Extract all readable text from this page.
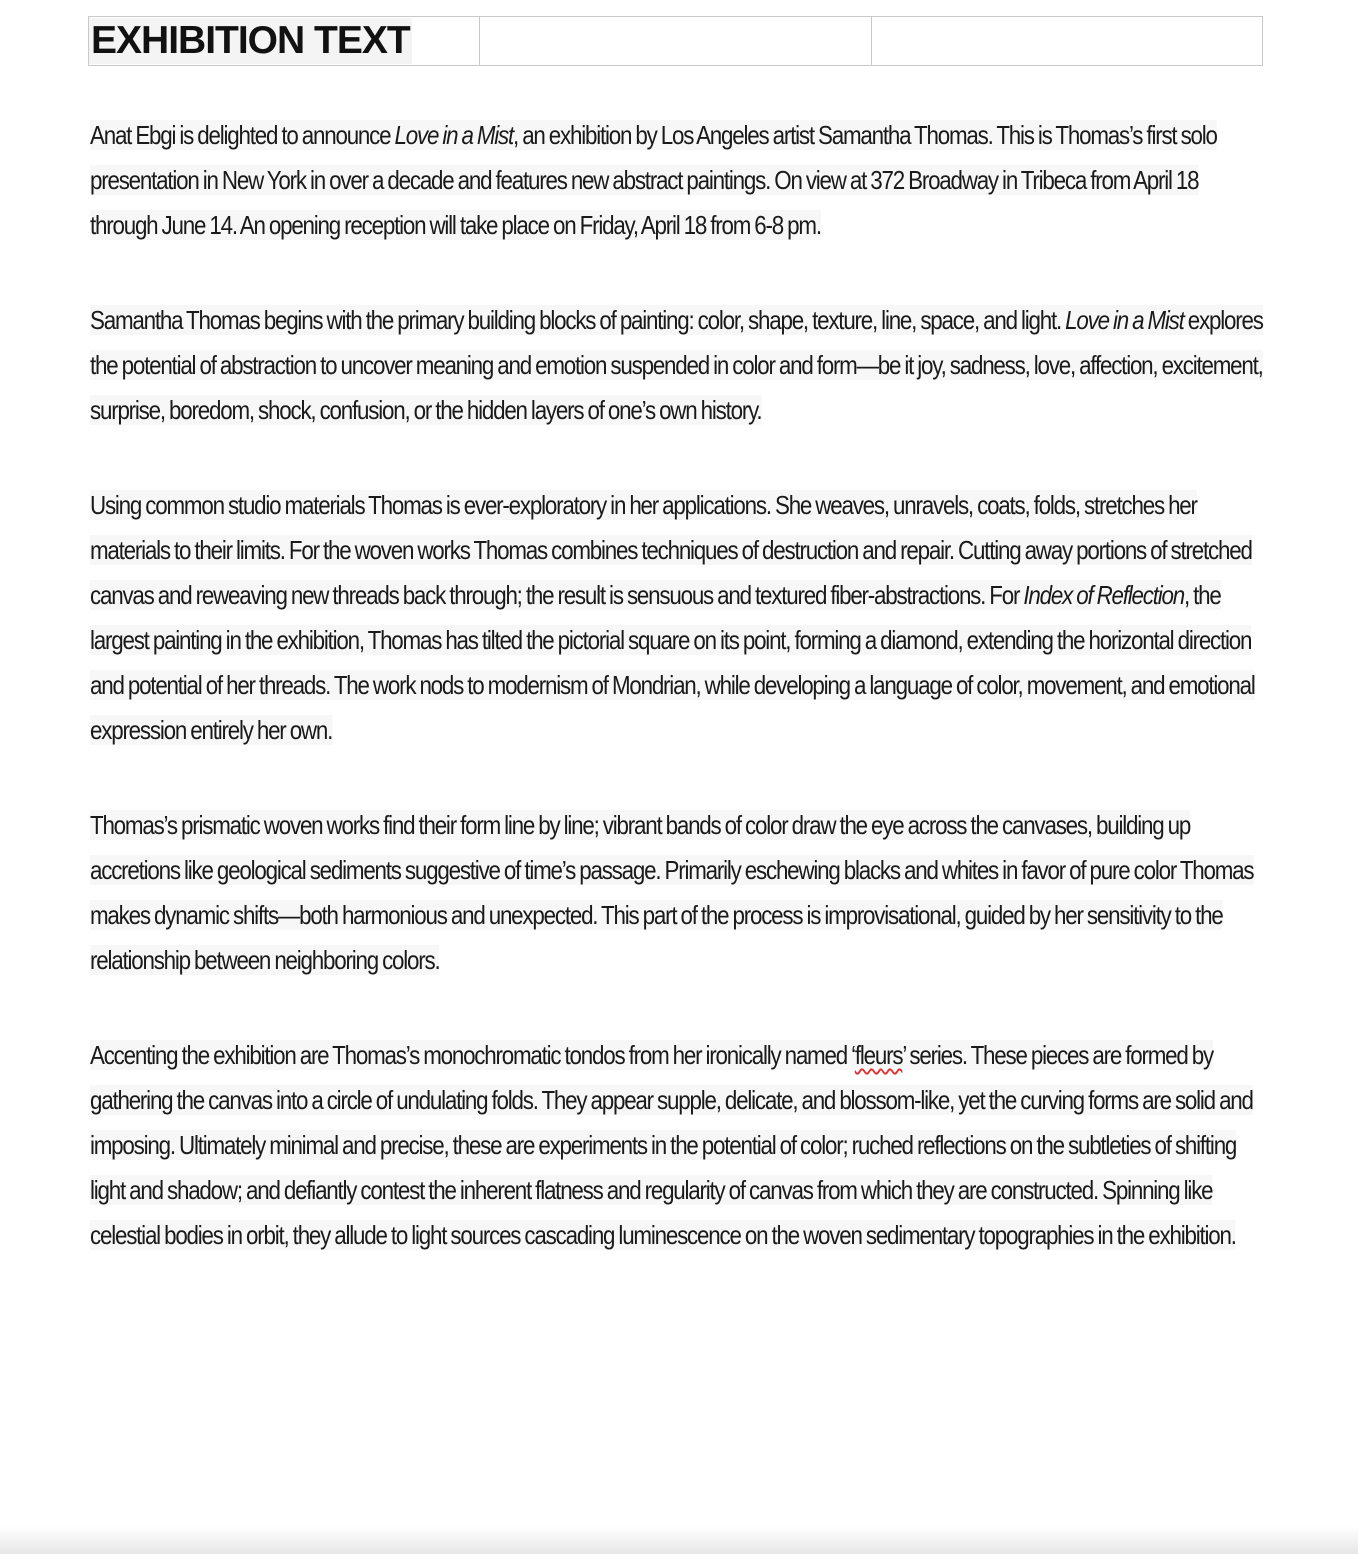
EXHIBITION TEXT		

Anat Ebgi is delighted to announce Love in a Mist, an exhibition by Los Angeles artist Samantha Thomas. This is Thomas’s first solo presentation in New York in over a decade and features new abstract paintings. On view at 372 Broadway in Tribeca from April 18 through June 14. An opening reception will take place on Friday, April 18 from 6-8 pm.

Samantha Thomas begins with the primary building blocks of painting: color, shape, texture, line, space, and light. Love in a Mist explores the potential of abstraction to uncover meaning and emotion suspended in color and form—be it joy, sadness, love, affection, excitement, surprise, boredom, shock, confusion, or the hidden layers of one’s own history.

Using common studio materials Thomas is ever-exploratory in her applications. She weaves, unravels, coats, folds, stretches her materials to their limits. For the woven works Thomas combines techniques of destruction and repair. Cutting away portions of stretched canvas and reweaving new threads back through; the result is sensuous and textured fiber-abstractions. For Index of Reflection, the largest painting in the exhibition, Thomas has tilted the pictorial square on its point, forming a diamond, extending the horizontal direction and potential of her threads. The work nods to modernism of Mondrian, while developing a language of color, movement, and emotional expression entirely her own.

Thomas’s prismatic woven works find their form line by line; vibrant bands of color draw the eye across the canvases, building up accretions like geological sediments suggestive of time’s passage. Primarily eschewing blacks and whites in favor of pure color Thomas makes dynamic shifts—both harmonious and unexpected. This part of the process is improvisational, guided by her sensitivity to the relationship between neighboring colors.

Accenting the exhibition are Thomas’s monochromatic tondos from her ironically named ‘fleurs’ series. These pieces are formed by gathering the canvas into a circle of undulating folds. They appear supple, delicate, and blossom-like, yet the curving forms are solid and imposing. Ultimately minimal and precise, these are experiments in the potential of color; ruched reflections on the subtleties of shifting light and shadow; and defiantly contest the inherent flatness and regularity of canvas from which they are constructed. Spinning like celestial bodies in orbit, they allude to light sources cascading luminescence on the woven sedimentary topographies in the exhibition.
